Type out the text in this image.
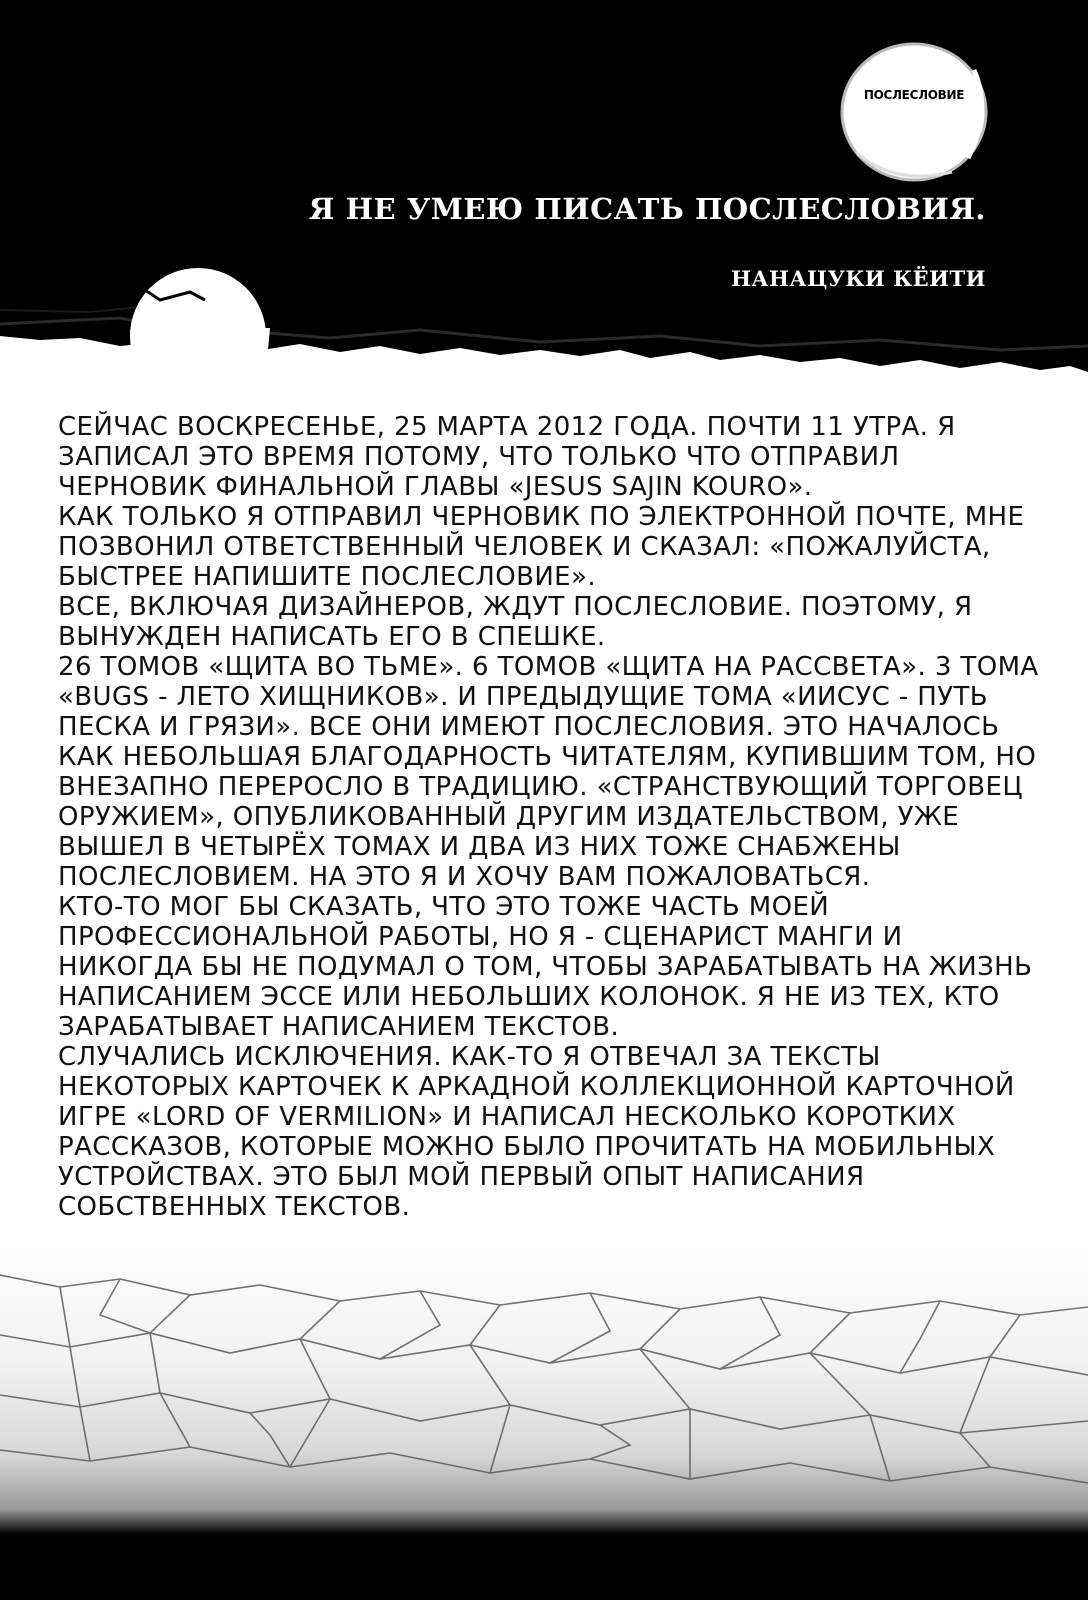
ПОСЛЕСЛОВИЕ
Я НЕ УМЕЮ ПИСАТЬ ПОСЛЕСЛОВИЯ.
НАНАЦУКИ КЁИТИ

СЕЙЧАС ВОСКРЕСЕНЬЕ, 25 МАРТА 2012 ГОДА. ПОЧТИ 11 УТРА. Я ЗАПИСАЛ ЭТО ВРЕМЯ ПОТОМУ, ЧТО ТОЛЬКО ЧТО ОТПРАВИЛ ЧЕРНОВИК ФИНАЛЬНОЙ ГЛАВЫ «JESUS SAJIN KOURO».

КАК ТОЛЬКО Я ОТПРАВИЛ ЧЕРНОВИК ПО ЭЛЕКТРОННОЙ ПОЧТЕ, МНЕ ПОЗВОНИЛ ОТВЕТСТВЕННЫЙ ЧЕЛОВЕК И СКАЗАЛ: «ПОЖАЛУЙСТА, БЫСТРЕЕ НАПИШИТЕ ПОСЛЕСЛОВИЕ».

ВСЕ, ВКЛЮЧАЯ ДИЗАЙНЕРОВ, ЖДУТ ПОСЛЕСЛОВИЕ. ПОЭТОМУ, Я ВЫНУЖДЕН НАПИСАТЬ ЕГО В СПЕШКЕ.

26 ТОМОВ «ЩИТА ВО ТЬМЕ». 6 ТОМОВ «ЩИТА НА РАССВЕТА». 3 ТОМА «BUGS - ЛЕТО ХИЩНИКОВ». И ПРЕДЫДУЩИЕ ТОМА «ИИСУС - ПУТЬ ПЕСКА И ГРЯЗИ». ВСЕ ОНИ ИМЕЮТ ПОСЛЕСЛОВИЯ. ЭТО НАЧАЛОСЬ КАК НЕБОЛЬШАЯ БЛАГОДАРНОСТЬ ЧИТАТЕЛЯМ, КУПИВШИМ ТОМ, НО ВНЕЗАПНО ПЕРЕРОСЛО В ТРАДИЦИЮ. «СТРАНСТВУЮЩИЙ ТОРГОВЕЦ ОРУЖИЕМ», ОПУБЛИКОВАННЫЙ ДРУГИМ ИЗДАТЕЛЬСТВОМ, УЖЕ ВЫШЕЛ В ЧЕТЫРЁХ ТОМАХ И ДВА ИЗ НИХ ТОЖЕ СНАБЖЕНЫ ПОСЛЕСЛОВИЕМ. НА ЭТО Я И ХОЧУ ВАМ ПОЖАЛОВАТЬСЯ.

КТО-ТО МОГ БЫ СКАЗАТЬ, ЧТО ЭТО ТОЖЕ ЧАСТЬ МОЕЙ ПРОФЕССИОНАЛЬНОЙ РАБОТЫ, НО Я - СЦЕНАРИСТ МАНГИ И НИКОГДА БЫ НЕ ПОДУМАЛ О ТОМ, ЧТОБЫ ЗАРАБАТЫВАТЬ НА ЖИЗНЬ НАПИСАНИЕМ ЭССЕ ИЛИ НЕБОЛЬШИХ КОЛОНОК. Я НЕ ИЗ ТЕХ, КТО ЗАРАБАТЫВАЕТ НАПИСАНИЕМ ТЕКСТОВ.

СЛУЧАЛИСЬ ИСКЛЮЧЕНИЯ. КАК-ТО Я ОТВЕЧАЛ ЗА ТЕКСТЫ НЕКОТОРЫХ КАРТОЧЕК К АРКАДНОЙ КОЛЛЕКЦИОННОЙ КАРТОЧНОЙ ИГРЕ «LORD OF VERMILION» И НАПИСАЛ НЕСКОЛЬКО КОРОТКИХ РАССКАЗОВ, КОТОРЫЕ МОЖНО БЫЛО ПРОЧИТАТЬ НА МОБИЛЬНЫХ УСТРОЙСТВАХ. ЭТО БЫЛ МОЙ ПЕРВЫЙ ОПЫТ НАПИСАНИЯ СОБСТВЕННЫХ ТЕКСТОВ.
